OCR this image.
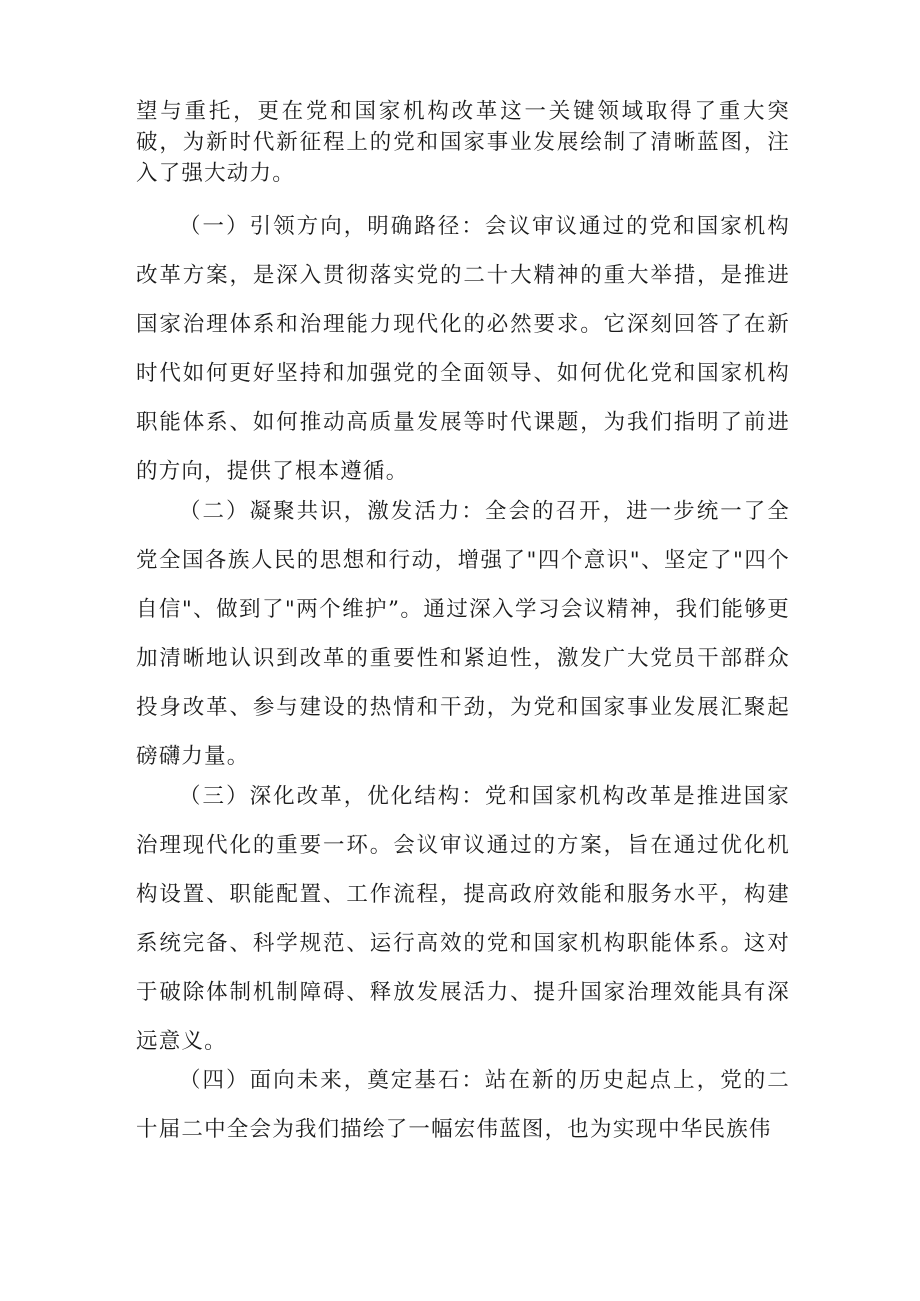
望与重托，更在党和国家机构改革这一关键领域取得了重大突破，为新时代新征程上的党和国家事业发展绘制了清晰蓝图，注入了强大动力。

（一）引领方向，明确路径：会议审议通过的党和国家机构改革方案，是深入贯彻落实党的二十大精神的重大举措，是推进国家治理体系和治理能力现代化的必然要求。它深刻回答了在新时代如何更好坚持和加强党的全面领导、如何优化党和国家机构职能体系、如何推动高质量发展等时代课题，为我们指明了前进的方向，提供了根本遵循。

（二）凝聚共识，激发活力：全会的召开，进一步统一了全党全国各族人民的思想和行动，增强了"四个意识"、坚定了"四个自信"、做到了"两个维护”。通过深入学习会议精神，我们能够更加清晰地认识到改革的重要性和紧迫性，激发广大党员干部群众投身改革、参与建设的热情和干劲，为党和国家事业发展汇聚起磅礴力量。

（三）深化改革，优化结构：党和国家机构改革是推进国家治理现代化的重要一环。会议审议通过的方案，旨在通过优化机构设置、职能配置、工作流程，提高政府效能和服务水平，构建系统完备、科学规范、运行高效的党和国家机构职能体系。这对于破除体制机制障碍、释放发展活力、提升国家治理效能具有深远意义。

（四）面向未来，奠定基石：站在新的历史起点上，党的二十届二中全会为我们描绘了一幅宏伟蓝图，也为实现中华民族伟
